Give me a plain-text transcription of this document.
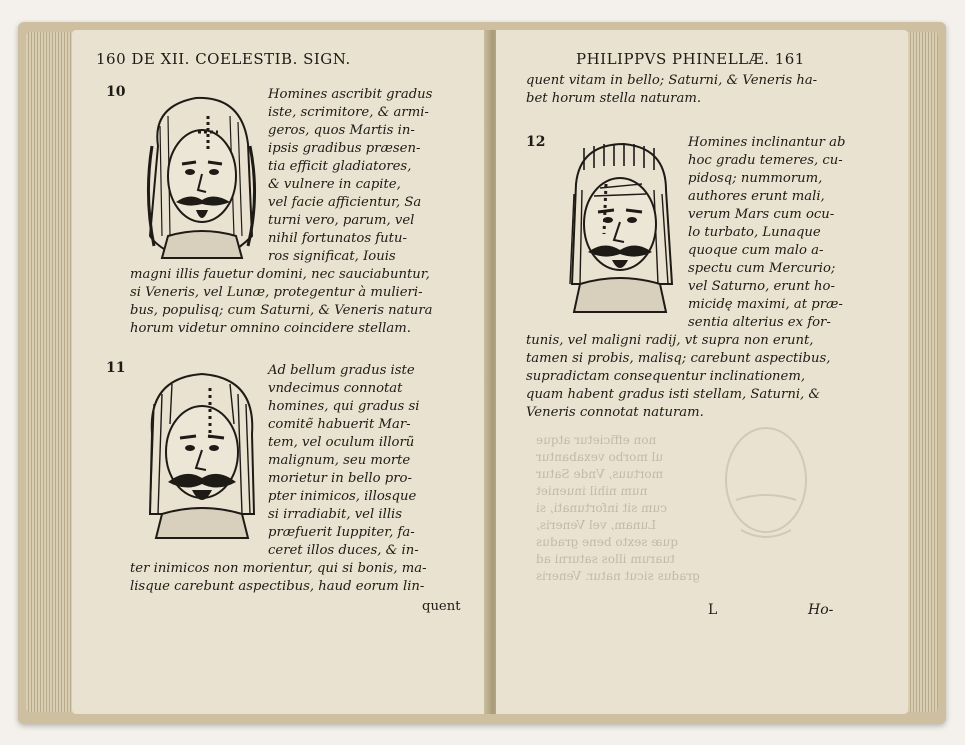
160 DE XII. COELESTIB. SIGN.
10	Homines ascribit gradus
iste, scrimitore, & armi-
geros, quos Martis in-
ipsis gradibus præsen-
tia efficit gladiatores,
& vulnere in capite,
vel facie afficientur, Sa
turni vero, parum, vel
nihil fortunatos futu-
ros significat, Iouis
magni illis fauetur domini, nec sauciabuntur,
si Veneris, vel Lunæ, protegentur à mulieri-
bus, populisq; cum Saturni, & Veneris natura
horum videtur omnino coincidere stellam.
11	Ad bellum gradus iste
vndecimus connotat
homines, qui gradus si
comitẽ habuerit Mar-
tem, vel oculum illorũ
malignum, seu morte
morietur in bello pro-
pter inimicos, illosque
si irradiabit, vel illis
præfuerit Iuppiter, fa-
ceret illos duces, & in-
ter inimicos non morientur, qui si bonis, ma-
lisque carebunt aspectibus, haud eorum lin-
quent
PHILIPPVS PHINELLÆ. 161
non efficietur atque
ul morbo vexabantur
mortuus, Vnde Satur
num nihil inueniet
cum sit infortunati, si
Lunam, vel Veneris,
quæ sexto bene gradus
tuarum illos saturni ad
gradus sicut natur. Veneris
quent vitam in bello; Saturni, & Veneris ha-
bet horum stella naturam.
12	Homines inclinantur ab
hoc gradu temeres, cu-
pidosq; nummorum,
authores erunt mali,
verum Mars cum ocu-
lo turbato, Lunaque
quoque cum malo a-
spectu cum Mercurio;
vel Saturno, erunt ho-
micidę maximi, at præ-
sentia alterius ex for-
tunis, vel maligni radij, vt supra non erunt,
tamen si probis, malisq; carebunt aspectibus,
supradictam consequentur inclinationem,
quam habent gradus isti stellam, Saturni, &
Veneris connotat naturam.
L	Ho-
